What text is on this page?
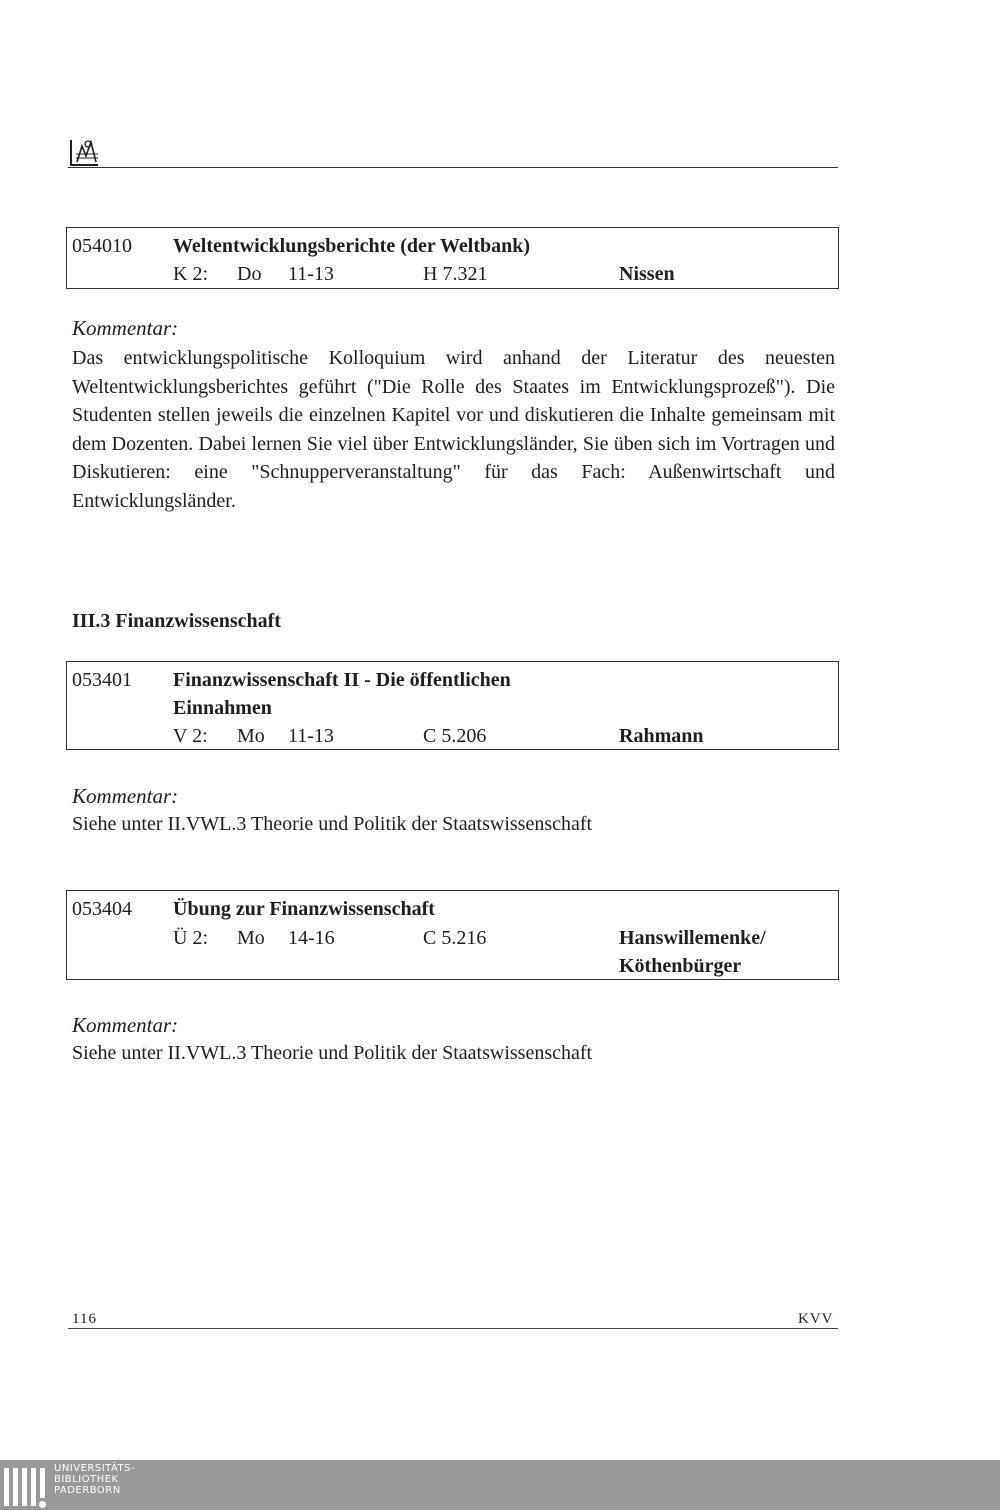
054010 Weltentwicklungsberichte (der Weltbank)
K 2: Do 11-13	H 7.321	Nissen
Kommentar:
Das entwicklungspolitische Kolloquium wird anhand der Literatur des neuesten Weltentwicklungsberichtes geführt ("Die Rolle des Staates im Entwicklungsprozeß"). Die Studenten stellen jeweils die einzelnen Kapitel vor und diskutieren die Inhalte gemeinsam mit dem Dozenten. Dabei lernen Sie viel über Entwicklungsländer, Sie üben sich im Vortragen und Diskutieren: eine "Schnupperveranstaltung" für das Fach: Außenwirtschaft und Entwicklungsländer.
III.3 Finanzwissenschaft
053401 Finanzwissenschaft II - Die öffentlichen
Einnahmen
V 2: Mo 11-13	C 5.206	Rahmann
Kommentar:
Siehe unter II.VWL.3 Theorie und Politik der Staatswissenschaft
053404 Übung zur Finanzwissenschaft
Ü 2: Mo 14-16	C 5.216	Hanswillemenke/
Köthenbürger
Kommentar:
Siehe unter II.VWL.3 Theorie und Politik der Staatswissenschaft
116	KVV
UNIVERSITÄTS-
BIBLIOTHEK
PADERBORN
